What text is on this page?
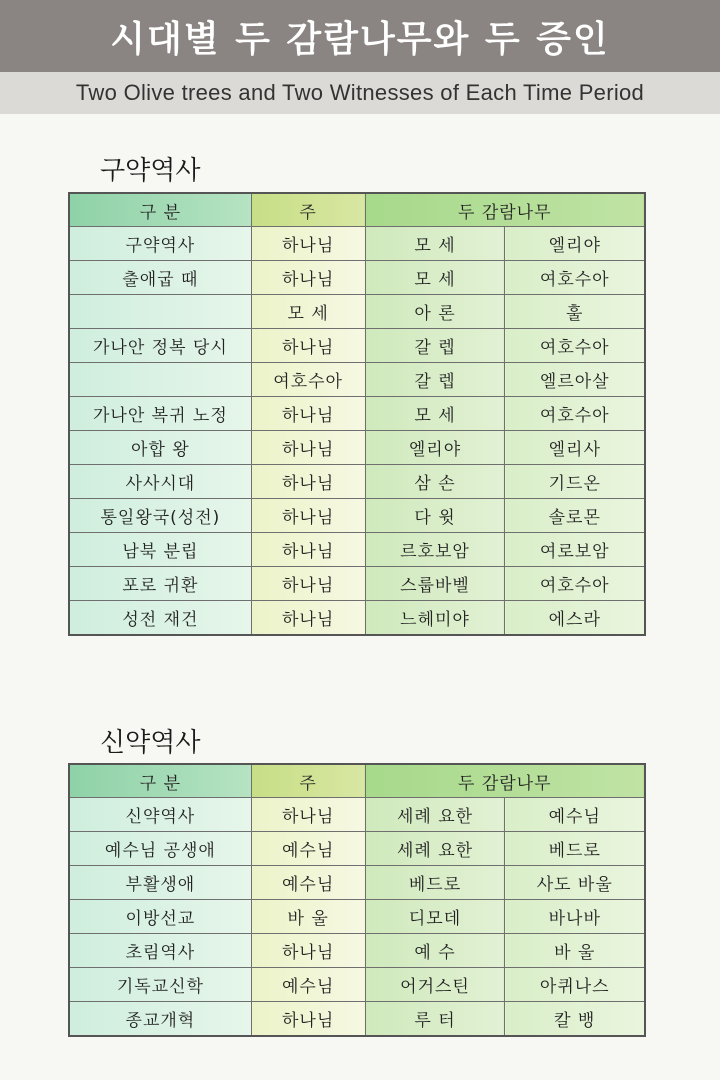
시대별 두 감람나무와 두 증인
Two Olive trees and Two Witnesses of Each Time Period
구약역사
구 분	주	두 감람나무	
구약역사	하나님	모 세	엘리야
출애굽 때	하나님	모 세	여호수아
	모 세	아 론	훌
가나안 정복 당시	하나님	갈 렙	여호수아
	여호수아	갈 렙	엘르아살
가나안 복귀 노정	하나님	모 세	여호수아
아합 왕	하나님	엘리야	엘리사
사사시대	하나님	삼 손	기드온
통일왕국(성전)	하나님	다 윗	솔로몬
남북 분립	하나님	르호보암	여로보암
포로 귀환	하나님	스룹바벨	여호수아
성전 재건	하나님	느헤미야	에스라
신약역사
구 분	주	두 감람나무	
신약역사	하나님	세례 요한	예수님
예수님 공생애	예수님	세례 요한	베드로
부활생애	예수님	베드로	사도 바울
이방선교	바 울	디모데	바나바
초림역사	하나님	예 수	바 울
기독교신학	예수님	어거스틴	아퀴나스
종교개혁	하나님	루 터	칼 뱅
